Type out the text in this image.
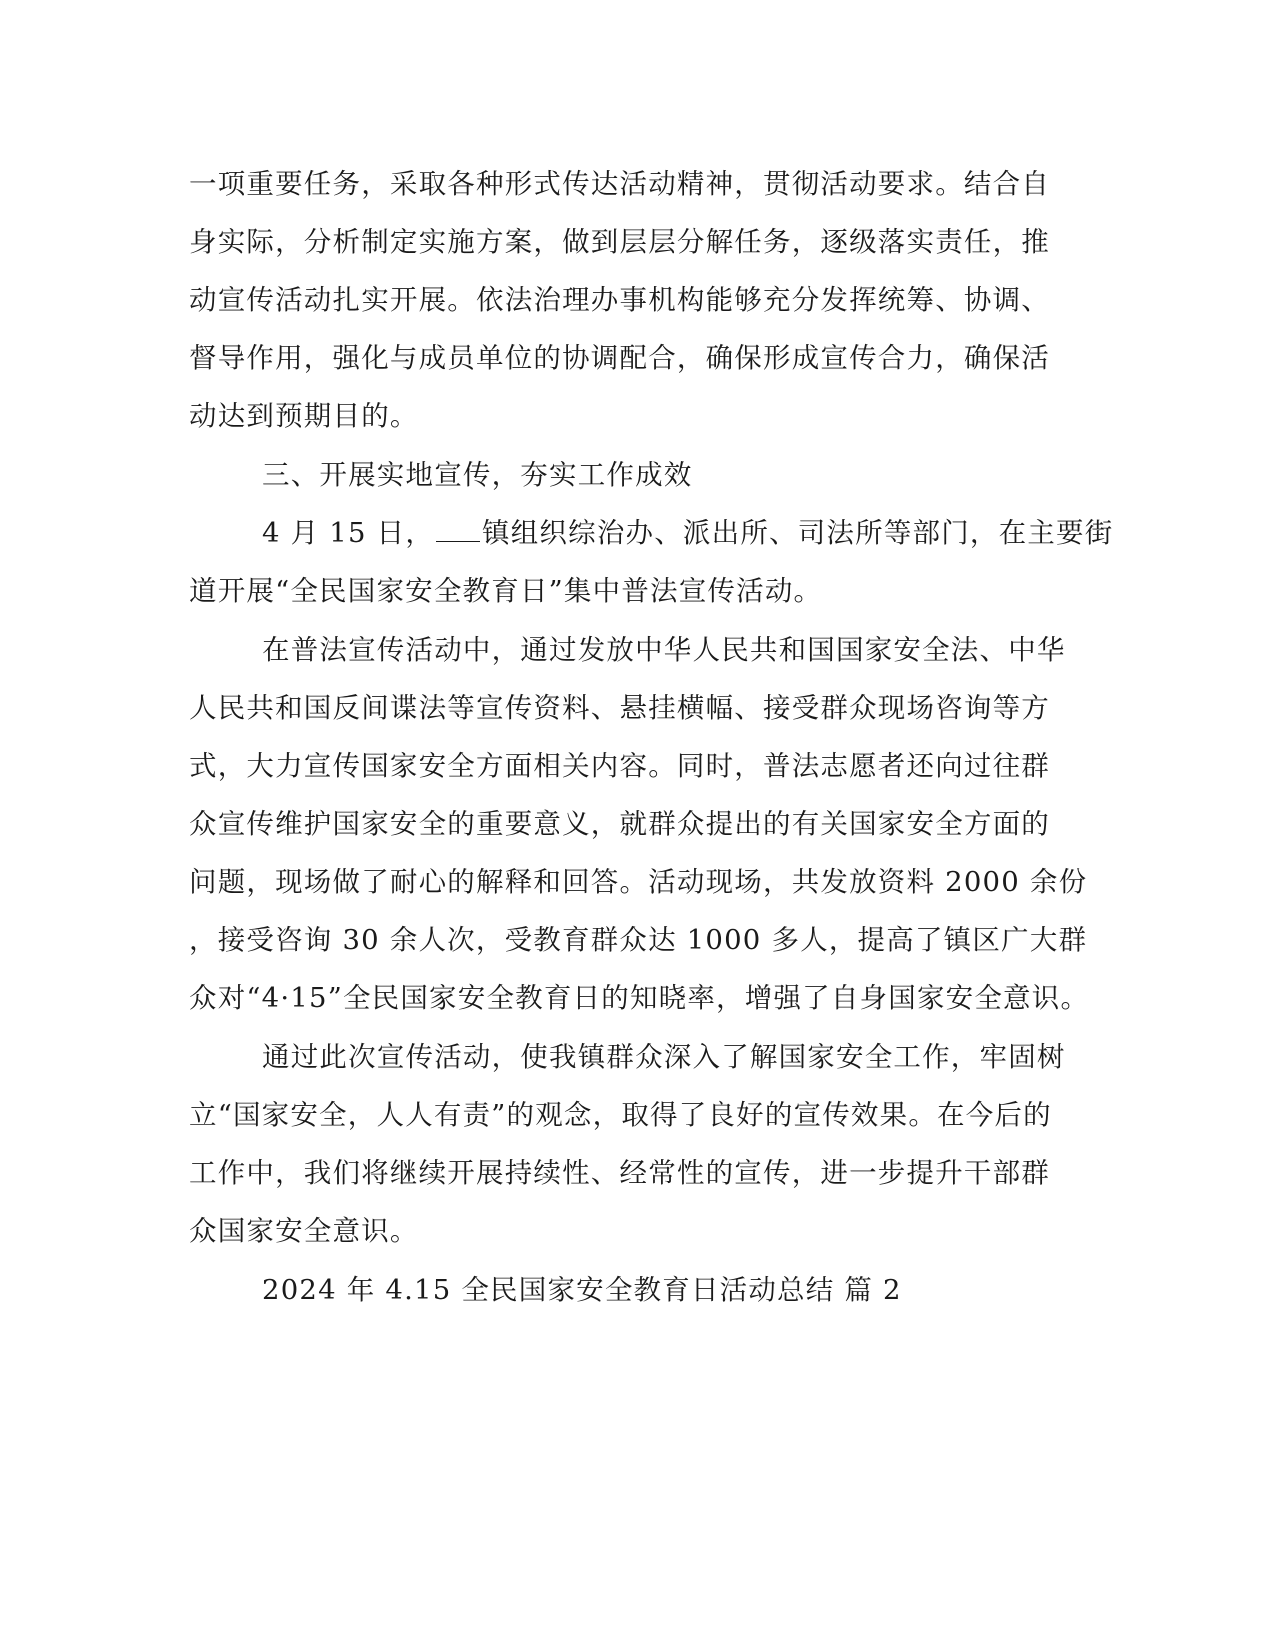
一项重要任务，采取各种形式传达活动精神，贯彻活动要求。结合自
身实际，分析制定实施方案，做到层层分解任务，逐级落实责任，推
动宣传活动扎实开展。依法治理办事机构能够充分发挥统筹、协调、
督导作用，强化与成员单位的协调配合，确保形成宣传合力，确保活
动达到预期目的。
三、开展实地宣传，夯实工作成效
4 月 15 日， 镇组织综治办、派出所、司法所等部门，在主要街
道开展“全民国家安全教育日”集中普法宣传活动。
在普法宣传活动中，通过发放中华人民共和国国家安全法、中华
人民共和国反间谍法等宣传资料、悬挂横幅、接受群众现场咨询等方
式，大力宣传国家安全方面相关内容。同时，普法志愿者还向过往群
众宣传维护国家安全的重要意义，就群众提出的有关国家安全方面的
问题，现场做了耐心的解释和回答。活动现场，共发放资料 2000 余份
，接受咨询 30 余人次，受教育群众达 1000 多人，提高了镇区广大群
众对“4·15”全民国家安全教育日的知晓率，增强了自身国家安全意识。
通过此次宣传活动，使我镇群众深入了解国家安全工作，牢固树
立“国家安全，人人有责”的观念，取得了良好的宣传效果。在今后的
工作中，我们将继续开展持续性、经常性的宣传，进一步提升干部群
众国家安全意识。
2024 年 4.15 全民国家安全教育日活动总结 篇 2
